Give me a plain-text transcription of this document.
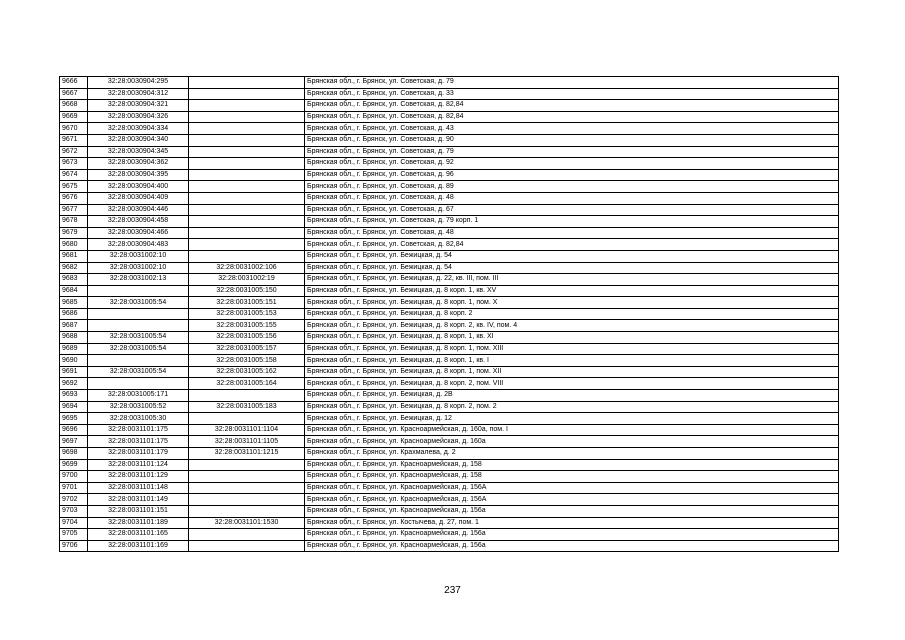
9666	32:28:0030904:295		Брянская обл., г. Брянск, ул. Советская, д. 79
9667	32:28:0030904:312		Брянская обл., г. Брянск, ул. Советская, д. 33
9668	32:28:0030904:321		Брянская обл., г. Брянск, ул. Советская, д. 82,84
9669	32:28:0030904:326		Брянская обл., г. Брянск, ул. Советская, д. 82,84
9670	32:28:0030904:334		Брянская обл., г. Брянск, ул. Советская, д. 43
9671	32:28:0030904:340		Брянская обл., г. Брянск, ул. Советская, д. 90
9672	32:28:0030904:345		Брянская обл., г. Брянск, ул. Советская, д. 79
9673	32:28:0030904:362		Брянская обл., г. Брянск, ул. Советская, д. 92
9674	32:28:0030904:395		Брянская обл., г. Брянск, ул. Советская, д. 96
9675	32:28:0030904:400		Брянская обл., г. Брянск, ул. Советская, д. 89
9676	32:28:0030904:409		Брянская обл., г. Брянск, ул. Советская, д. 48
9677	32:28:0030904:446		Брянская обл., г. Брянск, ул. Советская, д. 67
9678	32:28:0030904:458		Брянская обл., г. Брянск, ул. Советская, д. 79 корп. 1
9679	32:28:0030904:466		Брянская обл., г. Брянск, ул. Советская, д. 48
9680	32:28:0030904:483		Брянская обл., г. Брянск, ул. Советская, д. 82,84
9681	32:28:0031002:10		Брянская обл., г. Брянск, ул. Бежицкая, д. 54
9682	32:28:0031002:10	32:28:0031002:106	Брянская обл., г. Брянск, ул. Бежицкая, д. 54
9683	32:28:0031002:13	32:28:0031002:19	Брянская обл., г. Брянск, ул. Бежицкая, д. 22, кв. III, пом. III
9684		32:28:0031005:150	Брянская обл., г. Брянск, ул. Бежицкая, д. 8 корп. 1, кв. XV
9685	32:28:0031005:54	32:28:0031005:151	Брянская обл., г. Брянск, ул. Бежицкая, д. 8 корп. 1, пом. X
9686		32:28:0031005:153	Брянская обл., г. Брянск, ул. Бежицкая, д. 8 корп. 2
9687		32:28:0031005:155	Брянская обл., г. Брянск, ул. Бежицкая, д. 8 корп. 2, кв. IV, пом. 4
9688	32:28:0031005:54	32:28:0031005:156	Брянская обл., г. Брянск, ул. Бежицкая, д. 8 корп. 1, кв. XI
9689	32:28:0031005:54	32:28:0031005:157	Брянская обл., г. Брянск, ул. Бежицкая, д. 8 корп. 1, пом. XIII
9690		32:28:0031005:158	Брянская обл., г. Брянск, ул. Бежицкая, д. 8 корп. 1, кв. I
9691	32:28:0031005:54	32:28:0031005:162	Брянская обл., г. Брянск, ул. Бежицкая, д. 8 корп. 1, пом. XII
9692		32:28:0031005:164	Брянская обл., г. Брянск, ул. Бежицкая, д. 8 корп. 2, пом. VIII
9693	32:28:0031005:171		Брянская обл., г. Брянск, ул. Бежицкая, д. 2В
9694	32:28:0031005:52	32:28:0031005:183	Брянская обл., г. Брянск, ул. Бежицкая, д. 8 корп. 2, пом. 2
9695	32:28:0031005:30		Брянская обл., г. Брянск, ул. Бежицкая, д. 12
9696	32:28:0031101:175	32:28:0031101:1104	Брянская обл., г. Брянск, ул. Красноармейская, д. 160а, пом. I
9697	32:28:0031101:175	32:28:0031101:1105	Брянская обл., г. Брянск, ул. Красноармейская, д. 160а
9698	32:28:0031101:179	32:28:0031101:1215	Брянская обл., г. Брянск, ул. Крахмалева, д. 2
9699	32:28:0031101:124		Брянская обл., г. Брянск, ул. Красноармейская, д. 158
9700	32:28:0031101:129		Брянская обл., г. Брянск, ул. Красноармейская, д. 158
9701	32:28:0031101:148		Брянская обл., г. Брянск, ул. Красноармейская, д. 156А
9702	32:28:0031101:149		Брянская обл., г. Брянск, ул. Красноармейская, д. 156А
9703	32:28:0031101:151		Брянская обл., г. Брянск, ул. Красноармейская, д. 156а
9704	32:28:0031101:189	32:28:0031101:1530	Брянская обл., г. Брянск, ул. Костычева, д. 27, пом. 1
9705	32:28:0031101:165		Брянская обл., г. Брянск, ул. Красноармейская, д. 156а
9706	32:28:0031101:169		Брянская обл., г. Брянск, ул. Красноармейская, д. 156а
237
